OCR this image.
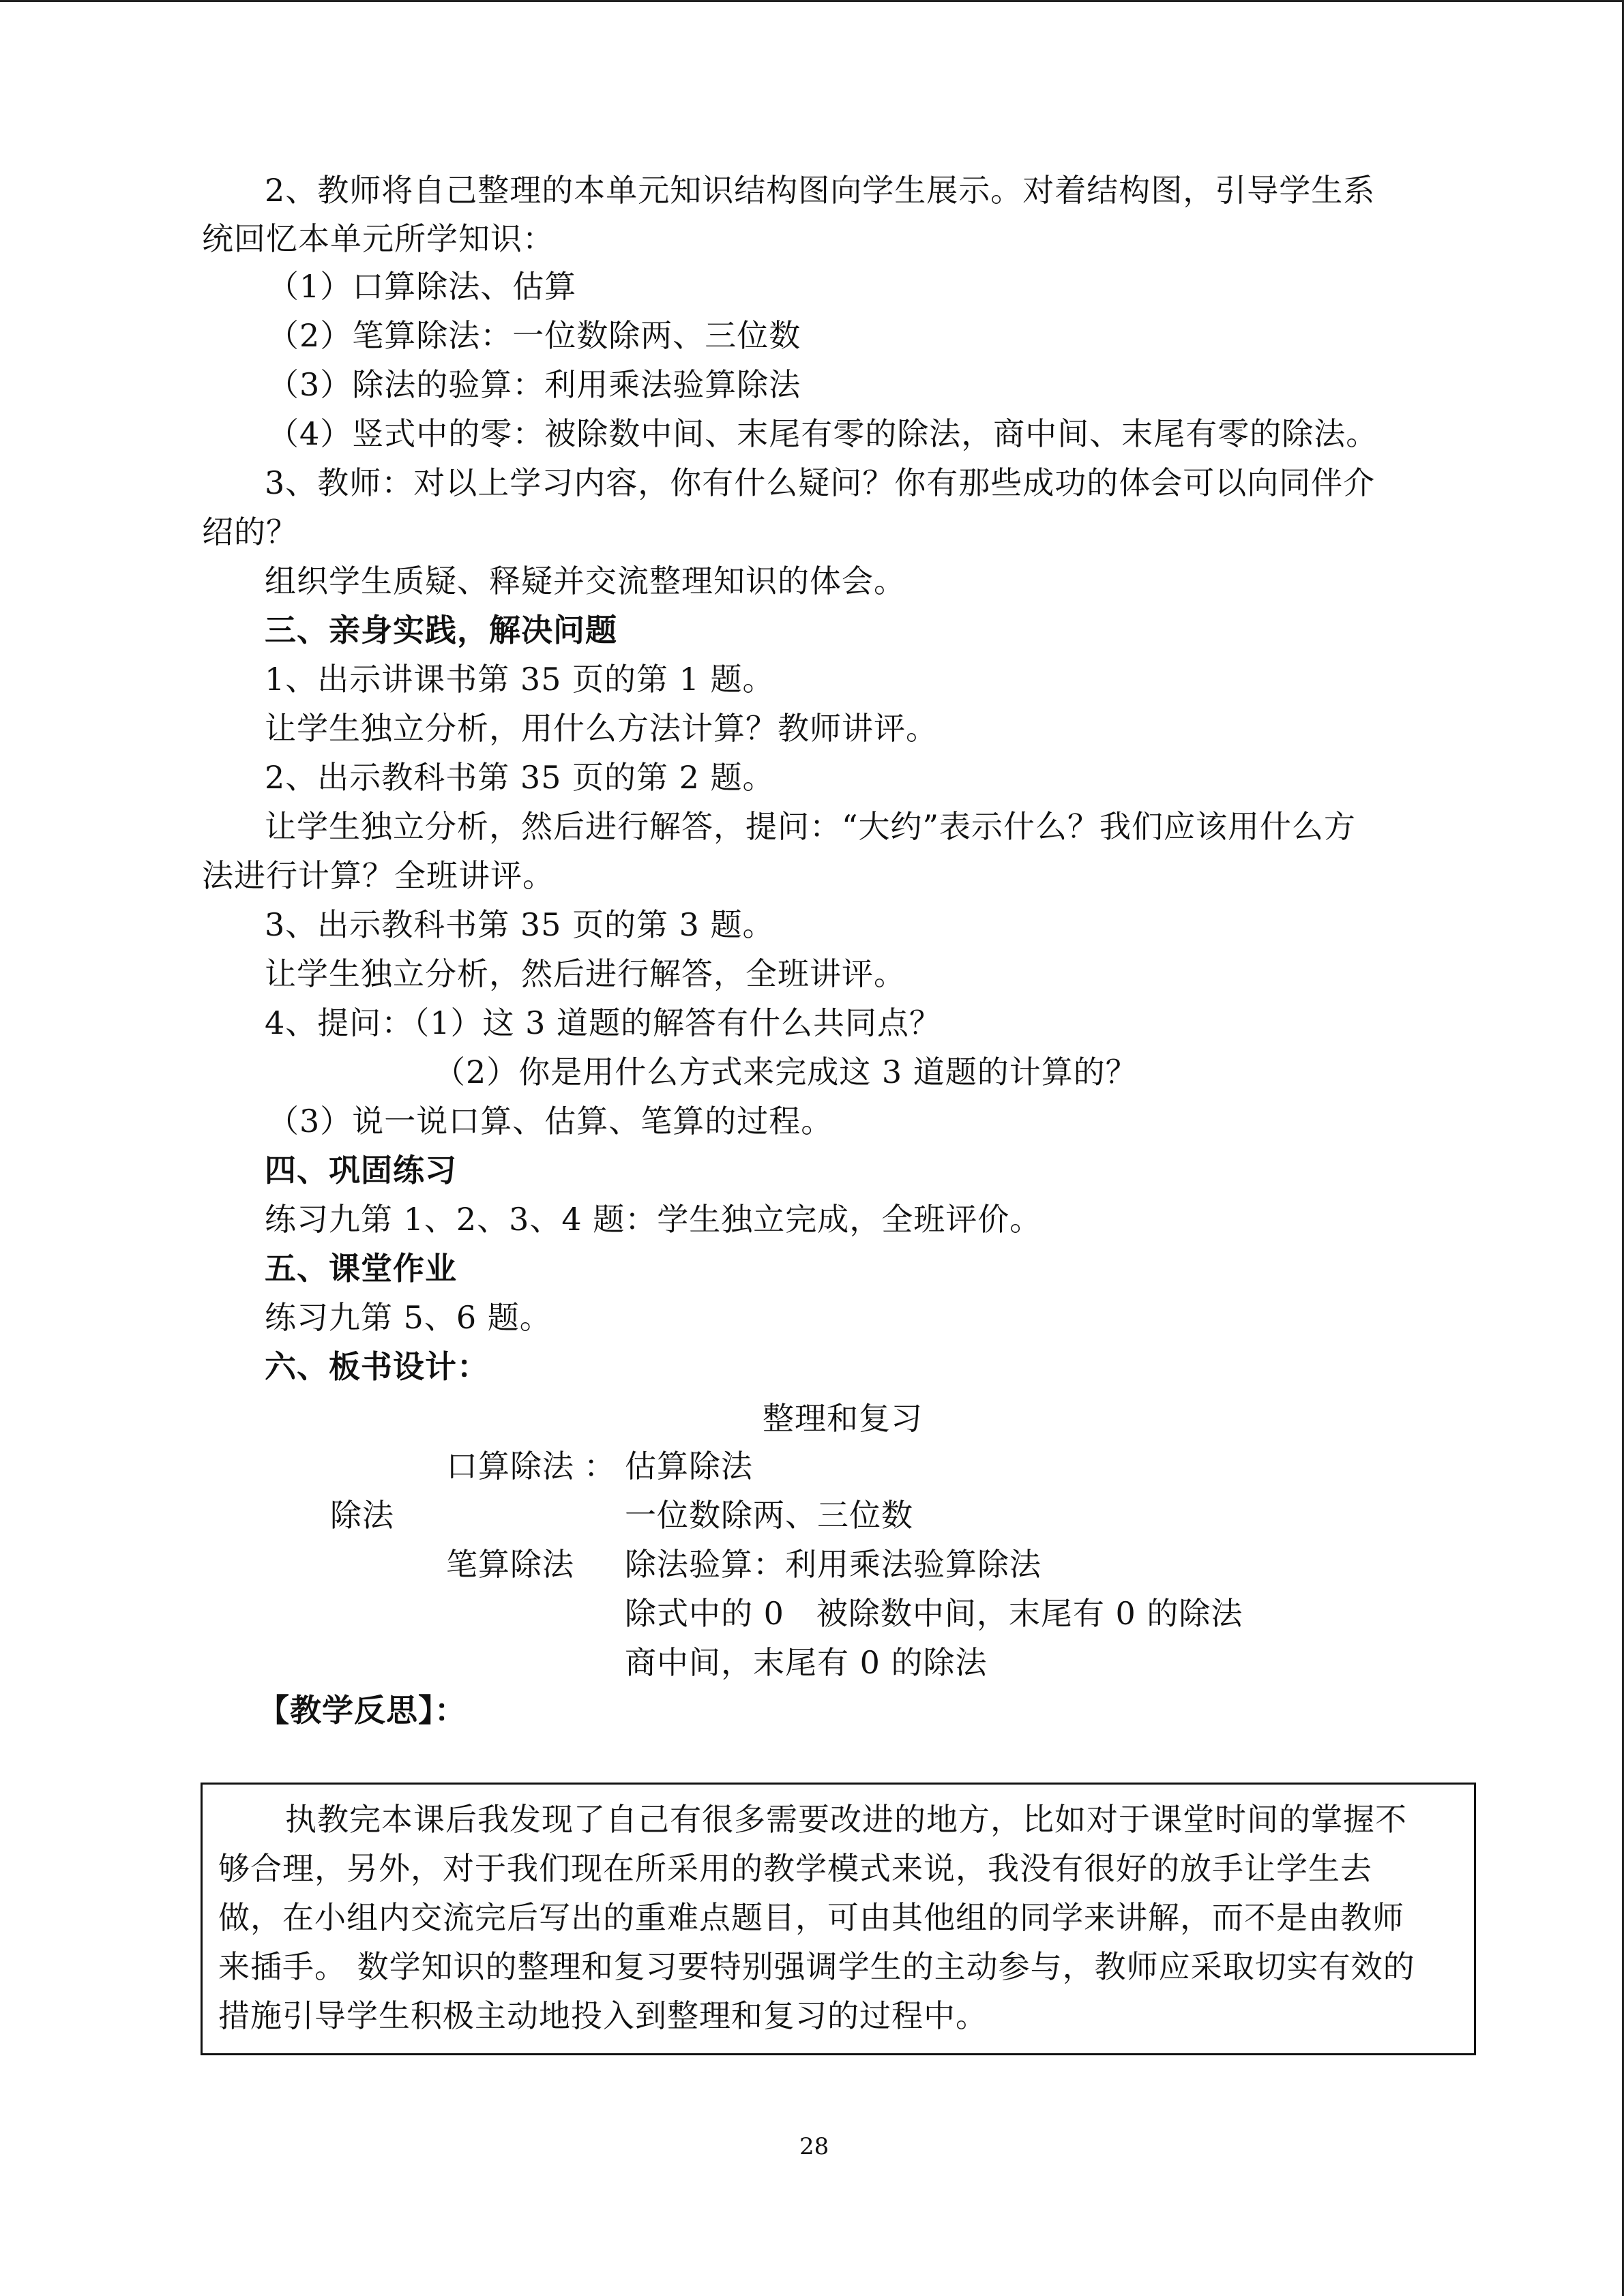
2、教师将自己整理的本单元知识结构图向学生展示。对着结构图，引导学生系
统回忆本单元所学知识：
（1）口算除法、估算
（2）笔算除法：一位数除两、三位数
（3）除法的验算：利用乘法验算除法
（4）竖式中的零：被除数中间、末尾有零的除法，商中间、末尾有零的除法。
3、教师：对以上学习内容，你有什么疑问？你有那些成功的体会可以向同伴介
绍的？
组织学生质疑、释疑并交流整理知识的体会。
三、亲身实践，解决问题
1、出示讲课书第 35 页的第 1 题。
让学生独立分析，用什么方法计算？教师讲评。
2、出示教科书第 35 页的第 2 题。
让学生独立分析，然后进行解答，提问：“大约”表示什么？我们应该用什么方
法进行计算？全班讲评。
3、出示教科书第 35 页的第 3 题。
让学生独立分析，然后进行解答，全班讲评。
4、提问：（1）这 3 道题的解答有什么共同点？
（2）你是用什么方式来完成这 3 道题的计算的？
（3）说一说口算、估算、笔算的过程。
四、巩固练习
练习九第 1、2、3、4 题：学生独立完成，全班评价。
五、课堂作业
练习九第 5、6 题。
六、板书设计：
整理和复习
口算除法 ： 估算除法
除法	一位数除两、三位数
笔算除法 除法验算：利用乘法验算除法
除式中的 0　被除数中间，末尾有 0 的除法
商中间，末尾有 0 的除法
【教学反思】：
执教完本课后我发现了自己有很多需要改进的地方，比如对于课堂时间的掌握不
够合理，另外，对于我们现在所采用的教学模式来说，我没有很好的放手让学生去
做，在小组内交流完后写出的重难点题目，可由其他组的同学来讲解，而不是由教师
来插手。 数学知识的整理和复习要特别强调学生的主动参与，教师应采取切实有效的
措施引导学生积极主动地投入到整理和复习的过程中。
28
